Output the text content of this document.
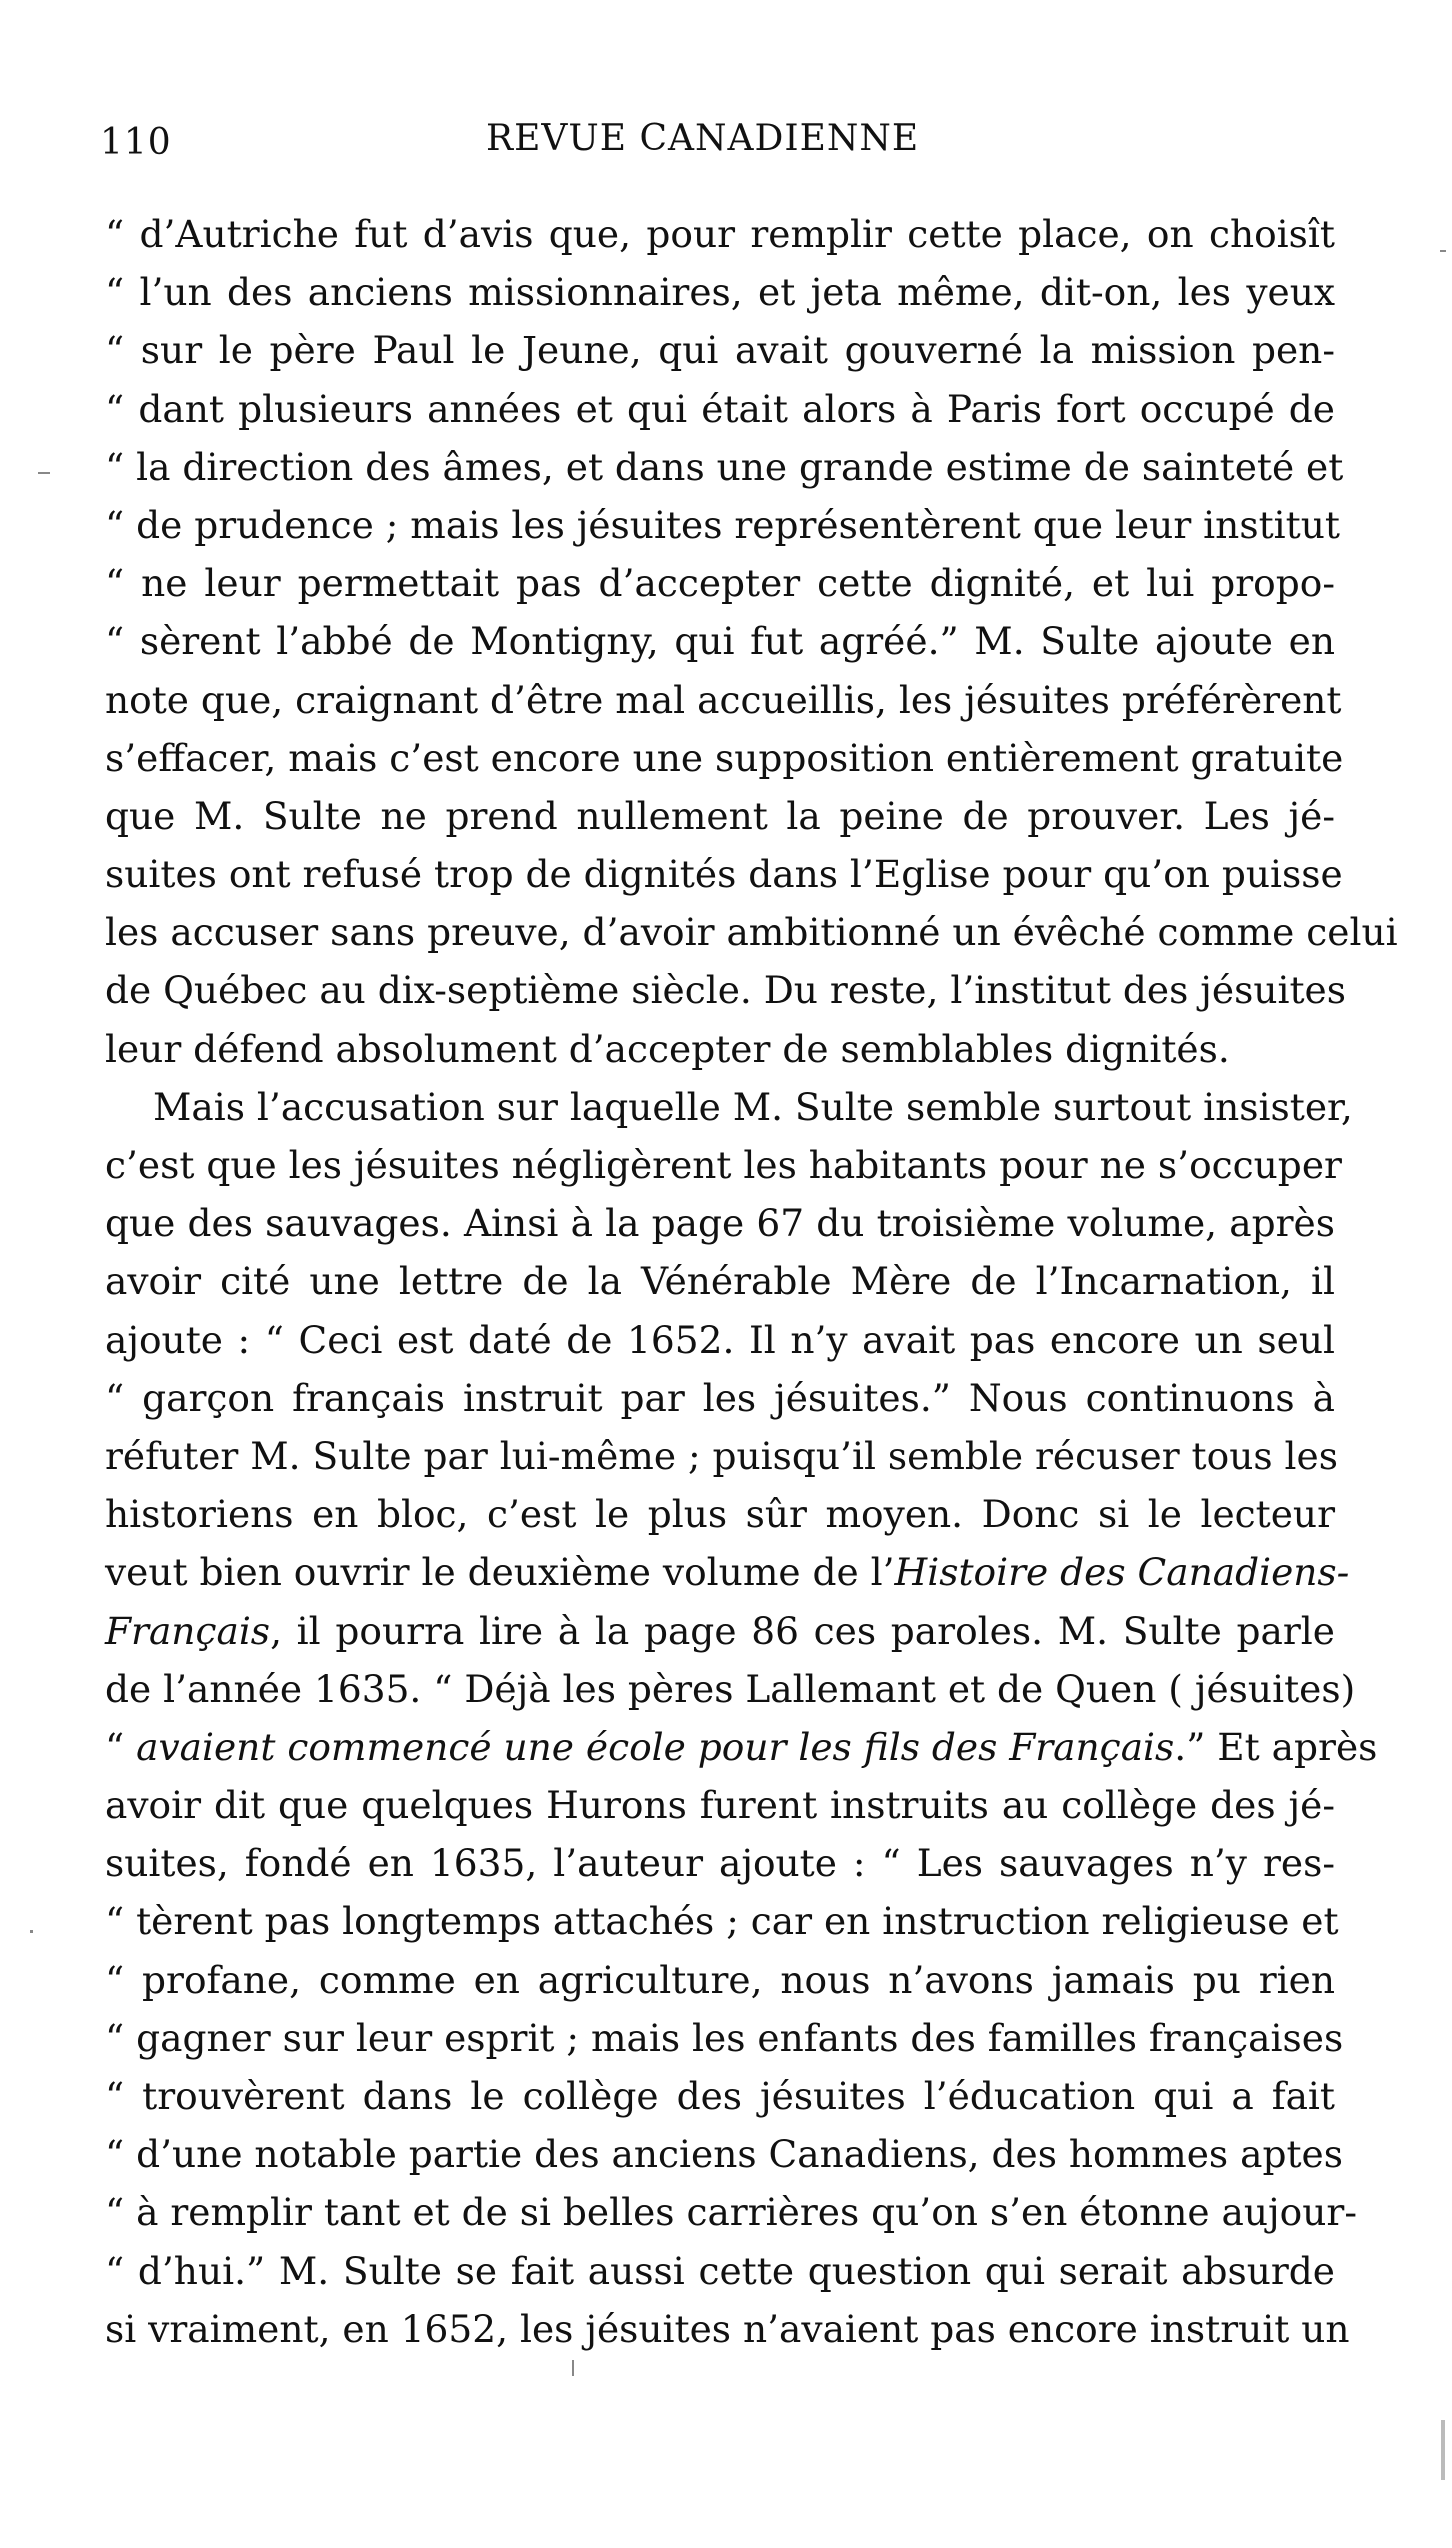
110	REVUE CANADIENNE
“ d’Autriche fut d’avis que, pour remplir cette place, on choisît
“ l’un des anciens missionnaires, et jeta même, dit-on, les yeux
“ sur le père Paul le Jeune, qui avait gouverné la mission pen-
“ dant plusieurs années et qui était alors à Paris fort occupé de
“ la direction des âmes, et dans une grande estime de sainteté et
“ de prudence ; mais les jésuites représentèrent que leur institut
“ ne leur permettait pas d’accepter cette dignité, et lui propo-
“ sèrent l’abbé de Montigny, qui fut agréé.” M. Sulte ajoute en
note que, craignant d’être mal accueillis, les jésuites préférèrent
s’effacer, mais c’est encore une supposition entièrement gratuite
que M. Sulte ne prend nullement la peine de prouver. Les jé-
suites ont refusé trop de dignités dans l’Eglise pour qu’on puisse
les accuser sans preuve, d’avoir ambitionné un évêché comme celui
de Québec au dix-septième siècle. Du reste, l’institut des jésuites
leur défend absolument d’accepter de semblables dignités.
Mais l’accusation sur laquelle M. Sulte semble surtout insister,
c’est que les jésuites négligèrent les habitants pour ne s’occuper
que des sauvages. Ainsi à la page 67 du troisième volume, après
avoir cité une lettre de la Vénérable Mère de l’Incarnation, il
ajoute : “ Ceci est daté de 1652. Il n’y avait pas encore un seul
“ garçon français instruit par les jésuites.” Nous continuons à
réfuter M. Sulte par lui-même ; puisqu’il semble récuser tous les
historiens en bloc, c’est le plus sûr moyen. Donc si le lecteur
veut bien ouvrir le deuxième volume de l’Histoire des Canadiens-
Français, il pourra lire à la page 86 ces paroles. M. Sulte parle
de l’année 1635. “ Déjà les pères Lallemant et de Quen ( jésuites)
“ avaient commencé une école pour les fils des Français.” Et après
avoir dit que quelques Hurons furent instruits au collège des jé-
suites, fondé en 1635, l’auteur ajoute : “ Les sauvages n’y res-
“ tèrent pas longtemps attachés ; car en instruction religieuse et
“ profane, comme en agriculture, nous n’avons jamais pu rien
“ gagner sur leur esprit ; mais les enfants des familles françaises
“ trouvèrent dans le collège des jésuites l’éducation qui a fait
“ d’une notable partie des anciens Canadiens, des hommes aptes
“ à remplir tant et de si belles carrières qu’on s’en étonne aujour-
“ d’hui.” M. Sulte se fait aussi cette question qui serait absurde
si vraiment, en 1652, les jésuites n’avaient pas encore instruit un
